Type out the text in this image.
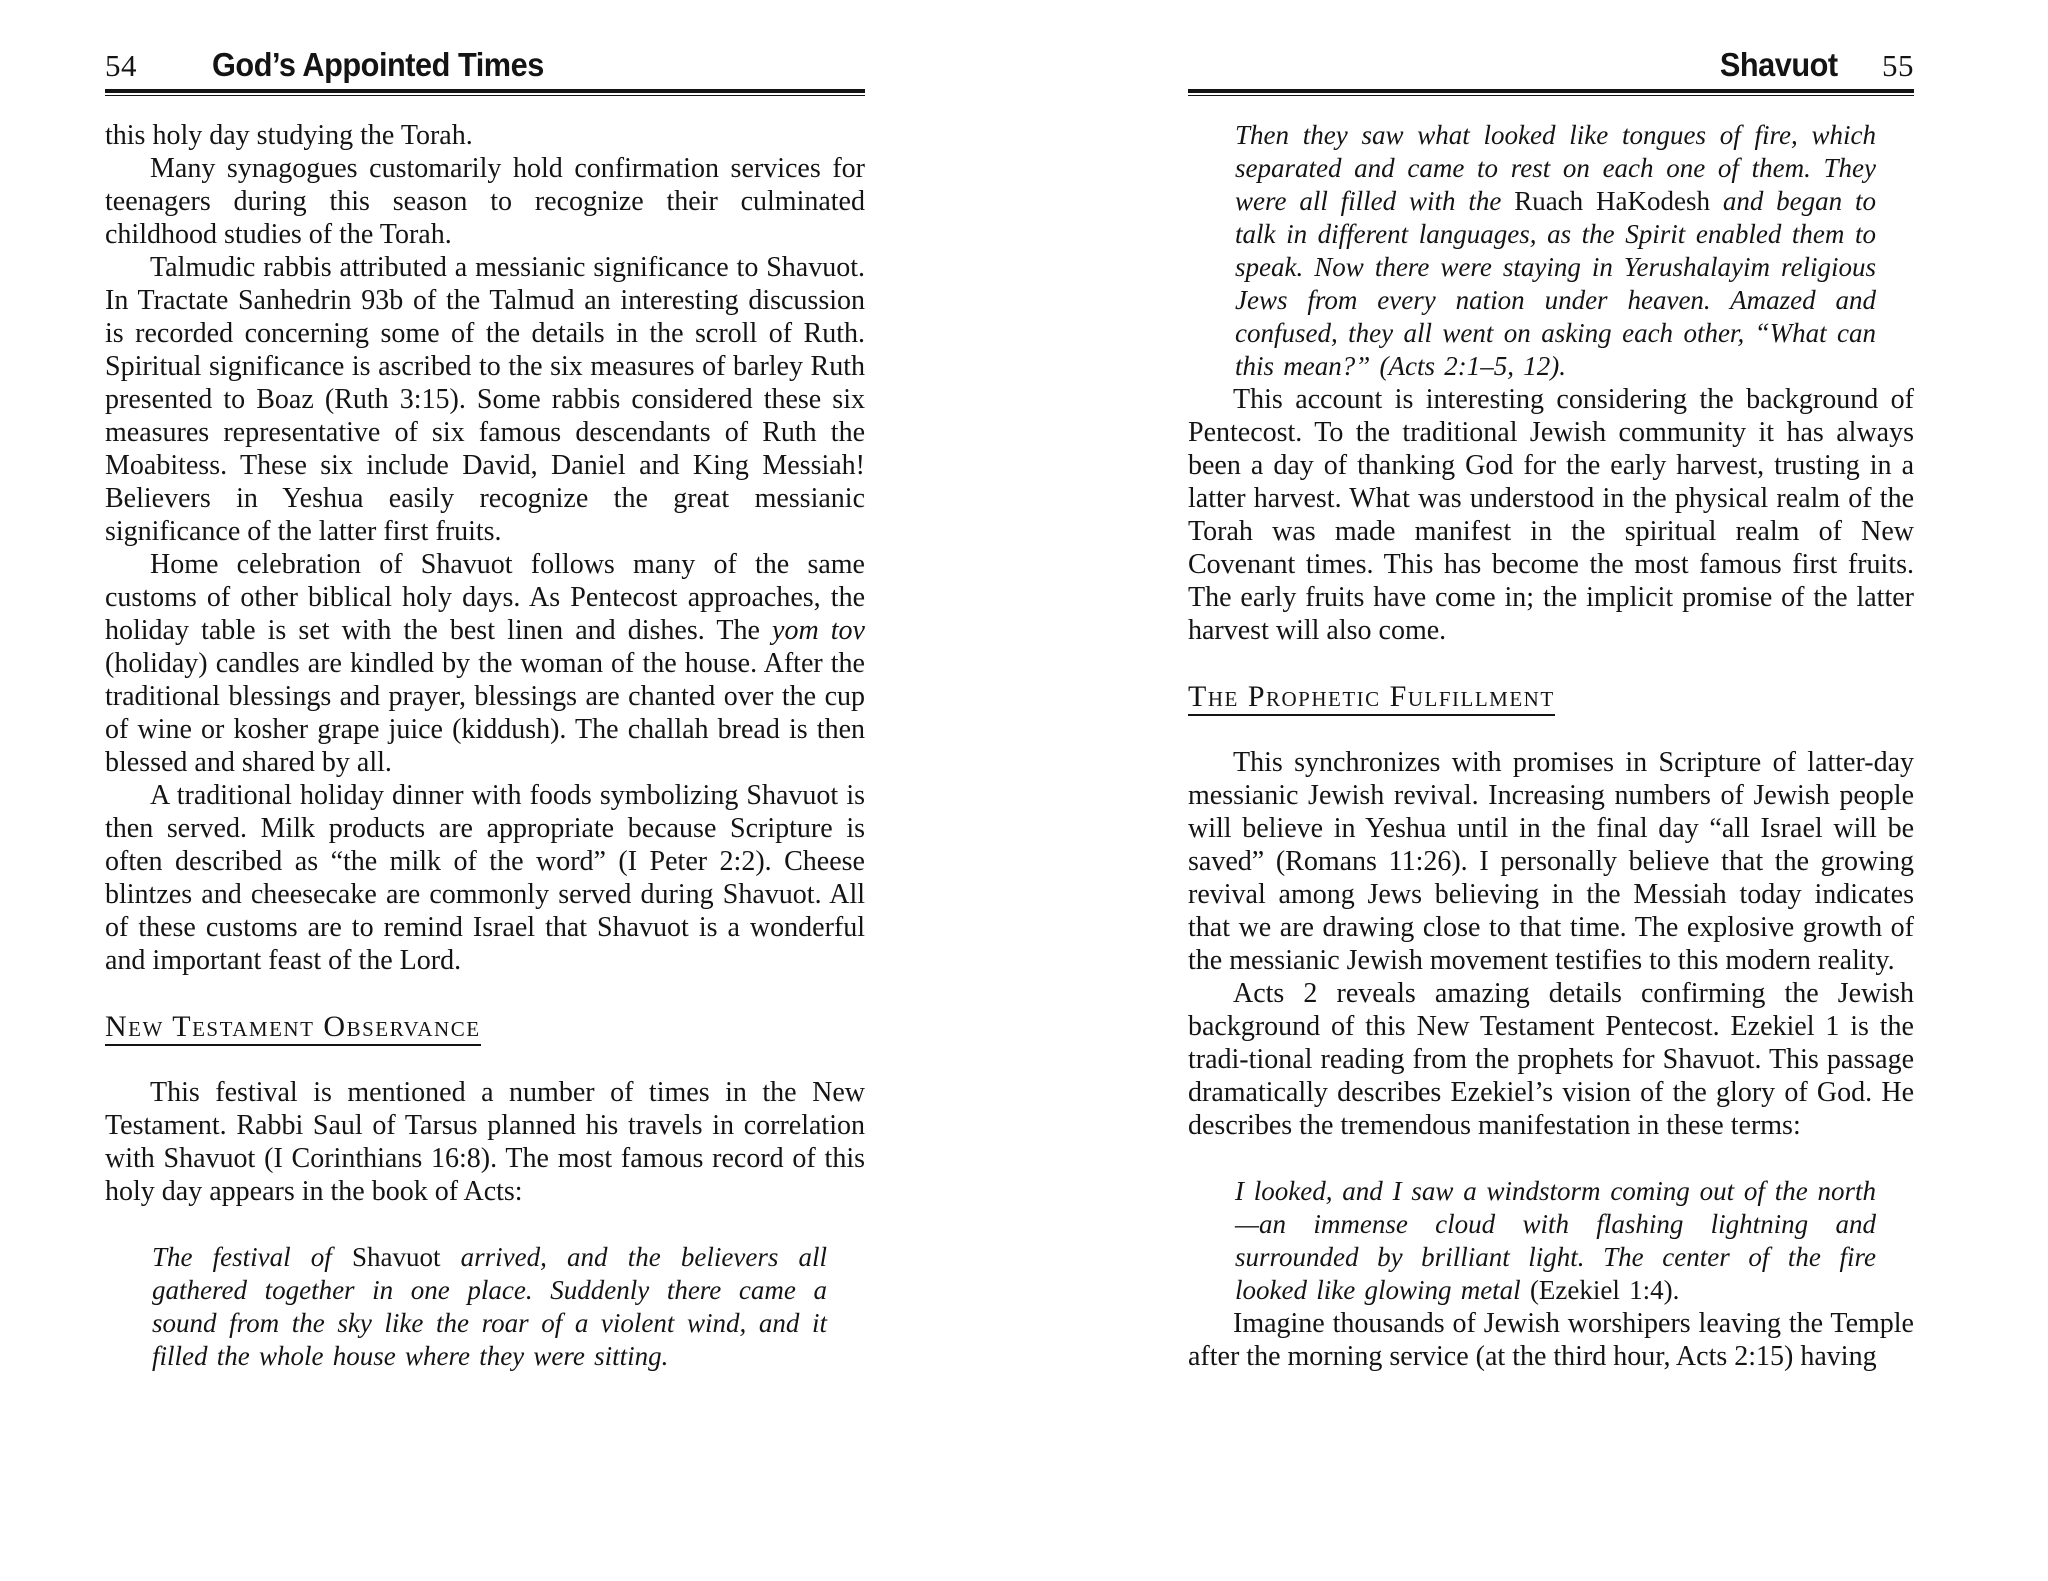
54 God’s Appointed Times

this holy day studying the Torah.

Many synagogues customarily hold confirmation services for teenagers during this season to recognize their culminated childhood studies of the Torah.

Talmudic rabbis attributed a messianic significance to Shavuot. In Tractate Sanhedrin 93b of the Talmud an interesting discussion is recorded concerning some of the details in the scroll of Ruth. Spiritual significance is ascribed to the six measures of barley Ruth presented to Boaz (Ruth 3:15). Some rabbis considered these six measures representative of six famous descendants of Ruth the Moabitess. These six include David, Daniel and King Messiah! Believers in Yeshua easily recognize the great messianic significance of the latter first fruits.

Home celebration of Shavuot follows many of the same customs of other biblical holy days. As Pentecost approaches, the holiday table is set with the best linen and dishes. The yom tov (holiday) candles are kindled by the woman of the house. After the traditional blessings and prayer, blessings are chanted over the cup of wine or kosher grape juice (kiddush). The challah bread is then blessed and shared by all.

A traditional holiday dinner with foods symbolizing Shavuot is then served. Milk products are appropriate because Scripture is often described as “the milk of the word” (I Peter 2:2). Cheese blintzes and cheesecake are commonly served during Shavuot. All of these customs are to remind Israel that Shavuot is a wonderful and important feast of the Lord.

New Testament Observance

This festival is mentioned a number of times in the New Testament. Rabbi Saul of Tarsus planned his travels in correlation with Shavuot (I Corinthians 16:8). The most famous record of this holy day appears in the book of Acts:

The festival of Shavuot arrived, and the believers all gathered together in one place. Suddenly there came a sound from the sky like the roar of a violent wind, and it filled the whole house where they were sitting.
Shavuot 55
Then they saw what looked like tongues of fire, which separated and came to rest on each one of them. They were all filled with the Ruach HaKodesh and began to talk in different languages, as the Spirit enabled them to speak. Now there were staying in Yerushalayim religious Jews from every nation under heaven. Amazed and confused, they all went on asking each other, “What can this mean?” (Acts 2:1–5, 12).

This account is interesting considering the background of Pentecost. To the traditional Jewish community it has always been a day of thanking God for the early harvest, trusting in a latter harvest. What was understood in the physical realm of the Torah was made manifest in the spiritual realm of New Covenant times. This has become the most famous first fruits. The early fruits have come in; the implicit promise of the latter harvest will also come.

The Prophetic Fulfillment

This synchronizes with promises in Scripture of latter-day messianic Jewish revival. Increasing numbers of Jewish people will believe in Yeshua until in the final day “all Israel will be saved” (Romans 11:26). I personally believe that the growing revival among Jews believing in the Messiah today indicates that we are drawing close to that time. The explosive growth of the messianic Jewish movement testifies to this modern reality.

Acts 2 reveals amazing details confirming the Jewish background of this New Testament Pentecost. Ezekiel 1 is the tradi-tional reading from the prophets for Shavuot. This passage dramatically describes Ezekiel’s vision of the glory of God. He describes the tremendous manifestation in these terms:

I looked, and I saw a windstorm coming out of the north—an immense cloud with flashing lightning and surrounded by brilliant light. The center of the fire looked like glowing metal (Ezekiel 1:4).

Imagine thousands of Jewish worshipers leaving the Temple after the morning service (at the third hour, Acts 2:15) having
